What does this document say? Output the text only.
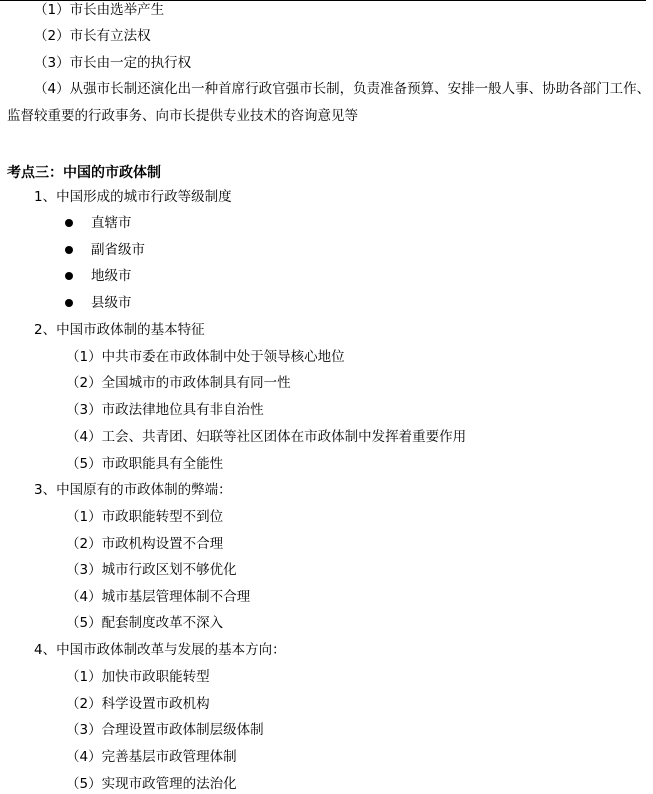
（1）市长由选举产生
（2）市长有立法权
（3）市长由一定的执行权
（4）从强市长制还演化出一种首席行政官强市长制，负责准备预算、安排一般人事、协助各部门工作、
监督较重要的行政事务、向市长提供专业技术的咨询意见等
考点三：中国的市政体制
1、中国形成的城市行政等级制度
直辖市
副省级市
地级市
县级市
2、中国市政体制的基本特征
（1）中共市委在市政体制中处于领导核心地位
（2）全国城市的市政体制具有同一性
（3）市政法律地位具有非自治性
（4）工会、共青团、妇联等社区团体在市政体制中发挥着重要作用
（5）市政职能具有全能性
3、中国原有的市政体制的弊端：
（1）市政职能转型不到位
（2）市政机构设置不合理
（3）城市行政区划不够优化
（4）城市基层管理体制不合理
（5）配套制度改革不深入
4、中国市政体制改革与发展的基本方向：
（1）加快市政职能转型
（2）科学设置市政机构
（3）合理设置市政体制层级体制
（4）完善基层市政管理体制
（5）实现市政管理的法治化
